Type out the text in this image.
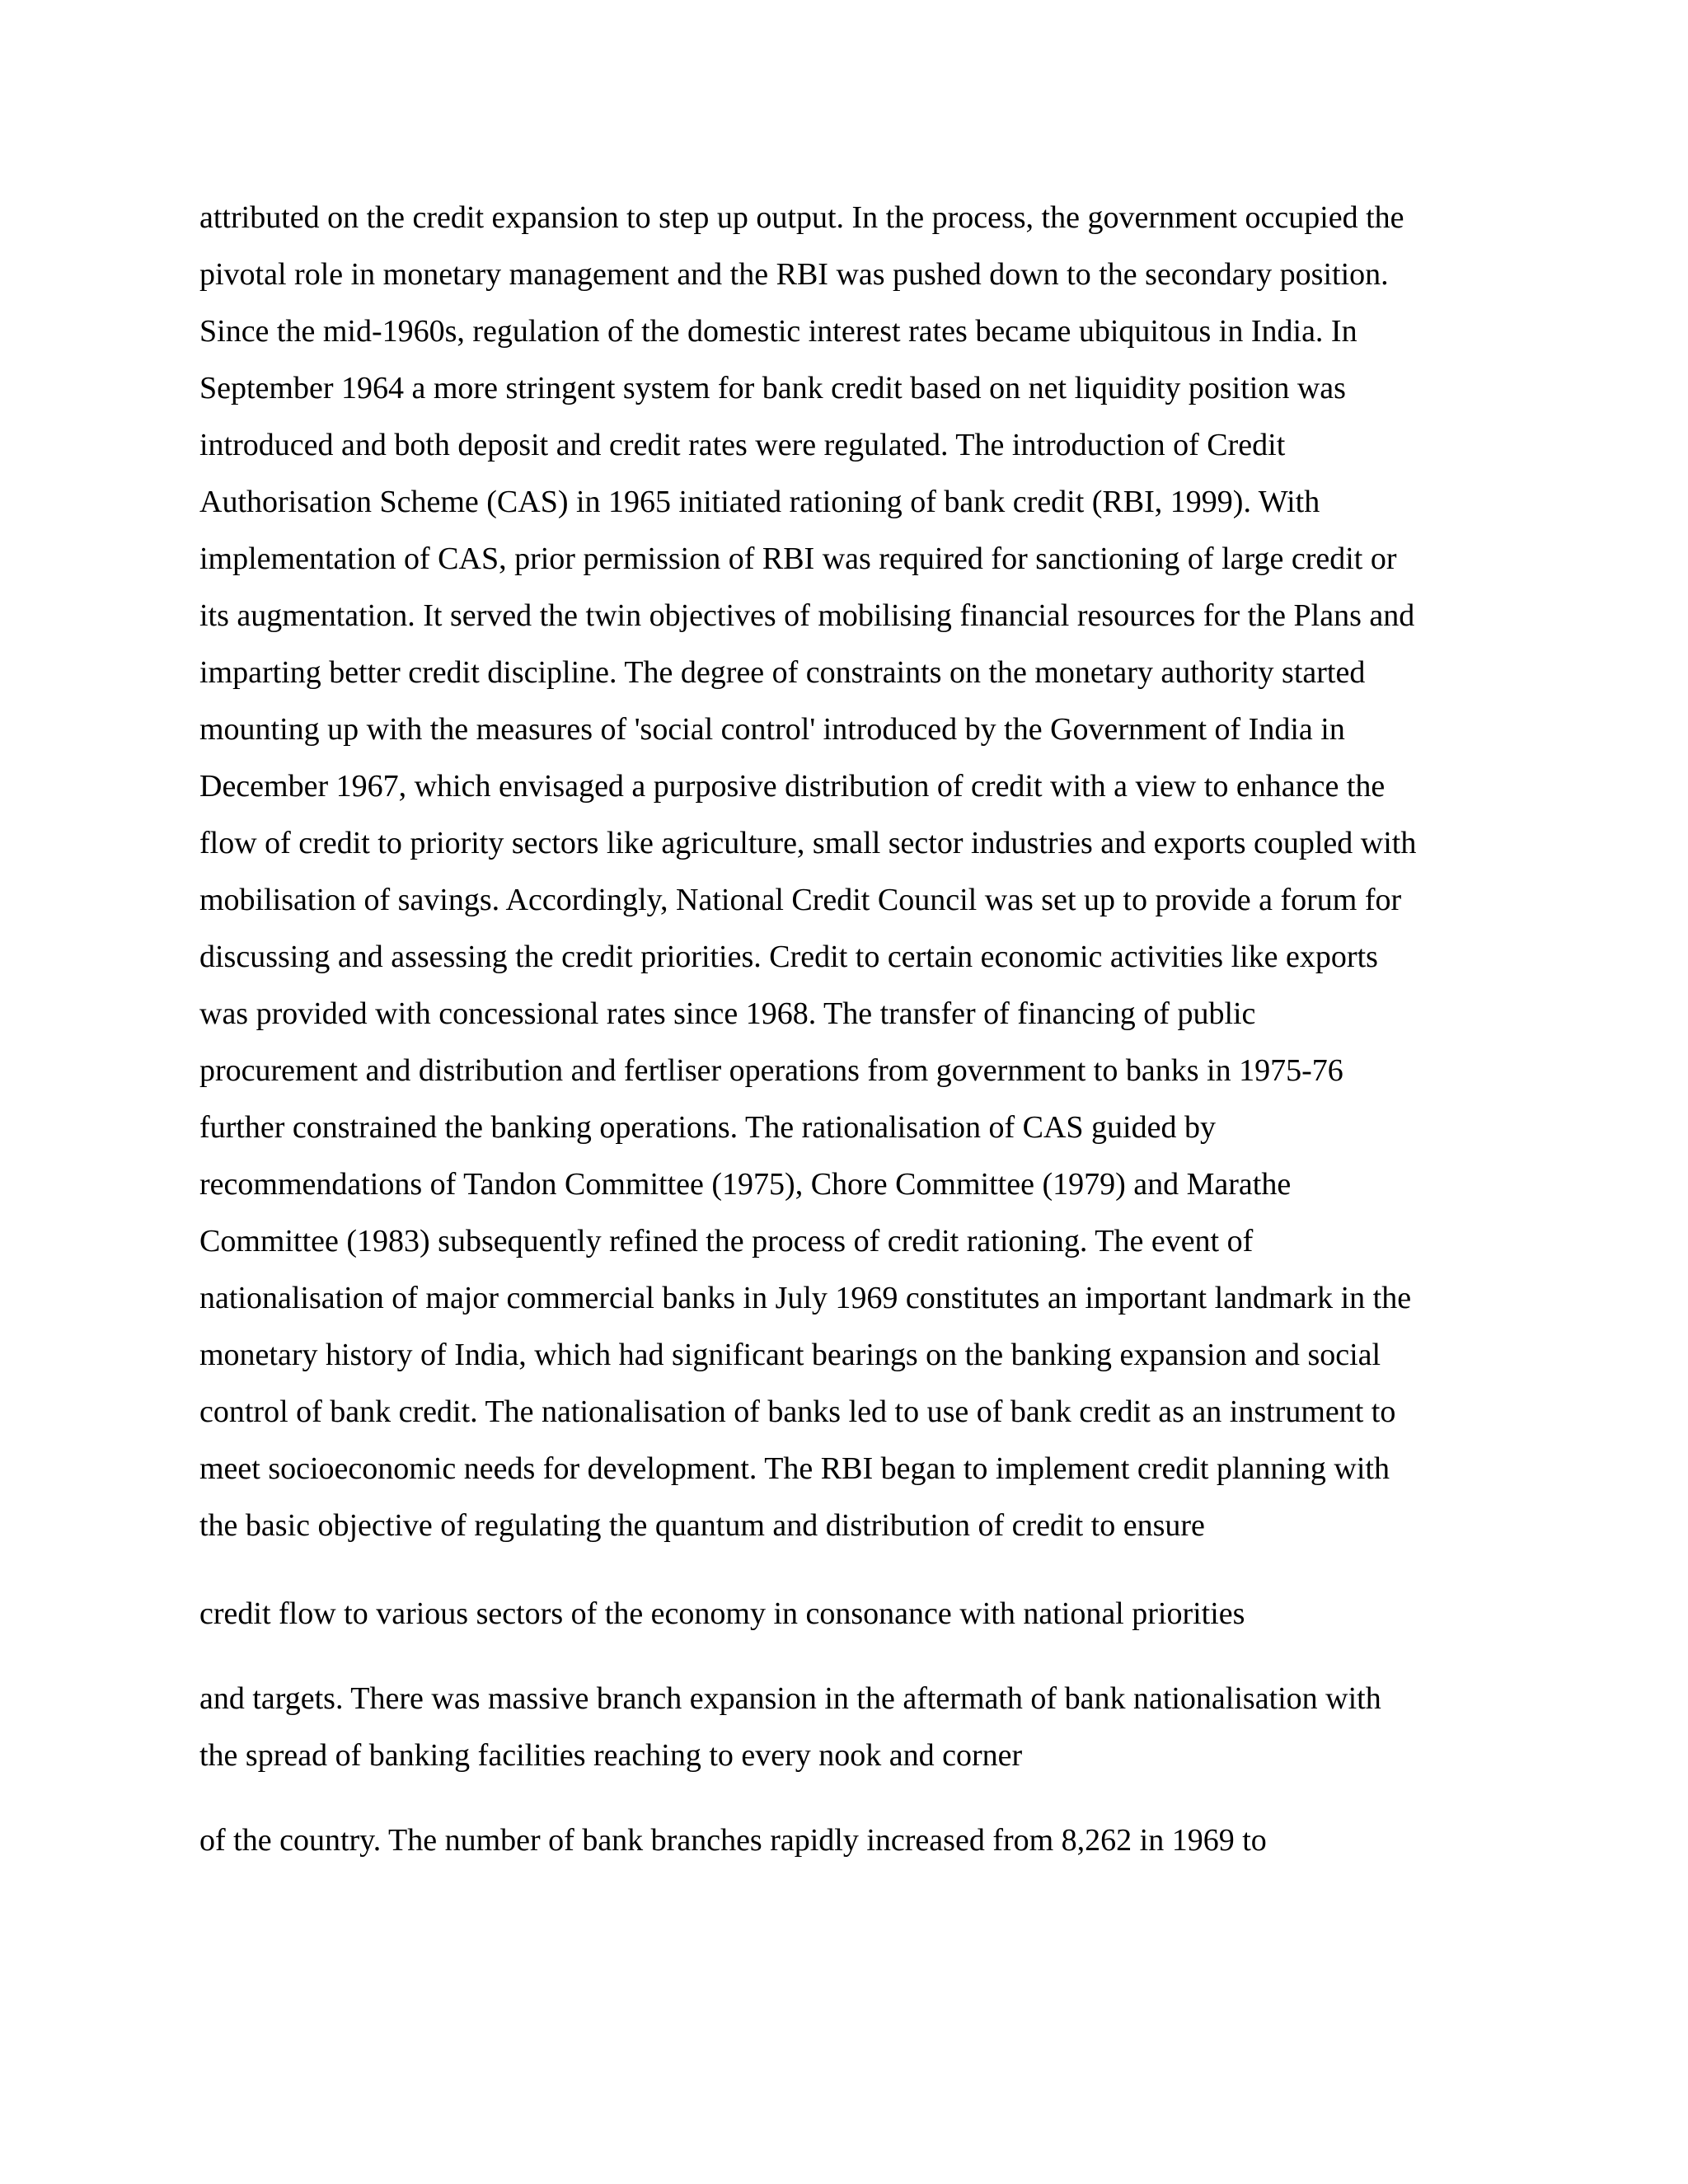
attributed on the credit expansion to step up output. In the process, the government occupied the
pivotal role in monetary management and the RBI was pushed down to the secondary position.
Since the mid-1960s, regulation of the domestic interest rates became ubiquitous in India. In
September 1964 a more stringent system for bank credit based on net liquidity position was
introduced and both deposit and credit rates were regulated. The introduction of Credit
Authorisation Scheme (CAS) in 1965 initiated rationing of bank credit (RBI, 1999). With
implementation of CAS, prior permission of RBI was required for sanctioning of large credit or
its augmentation. It served the twin objectives of mobilising financial resources for the Plans and
imparting better credit discipline. The degree of constraints on the monetary authority started
mounting up with the measures of 'social control' introduced by the Government of India in
December 1967, which envisaged a purposive distribution of credit with a view to enhance the
flow of credit to priority sectors like agriculture, small sector industries and exports coupled with
mobilisation of savings. Accordingly, National Credit Council was set up to provide a forum for
discussing and assessing the credit priorities. Credit to certain economic activities like exports
was provided with concessional rates since 1968. The transfer of financing of public
procurement and distribution and fertliser operations from government to banks in 1975-76
further constrained the banking operations. The rationalisation of CAS guided by
recommendations of Tandon Committee (1975), Chore Committee (1979) and Marathe
Committee (1983) subsequently refined the process of credit rationing. The event of
nationalisation of major commercial banks in July 1969 constitutes an important landmark in the
monetary history of India, which had significant bearings on the banking expansion and social
control of bank credit. The nationalisation of banks led to use of bank credit as an instrument to
meet socioeconomic needs for development. The RBI began to implement credit planning with
the basic objective of regulating the quantum and distribution of credit to ensure
credit flow to various sectors of the economy in consonance with national priorities
and targets. There was massive branch expansion in the aftermath of bank nationalisation with
the spread of banking facilities reaching to every nook and corner
of the country. The number of bank branches rapidly increased from 8,262 in 1969 to
